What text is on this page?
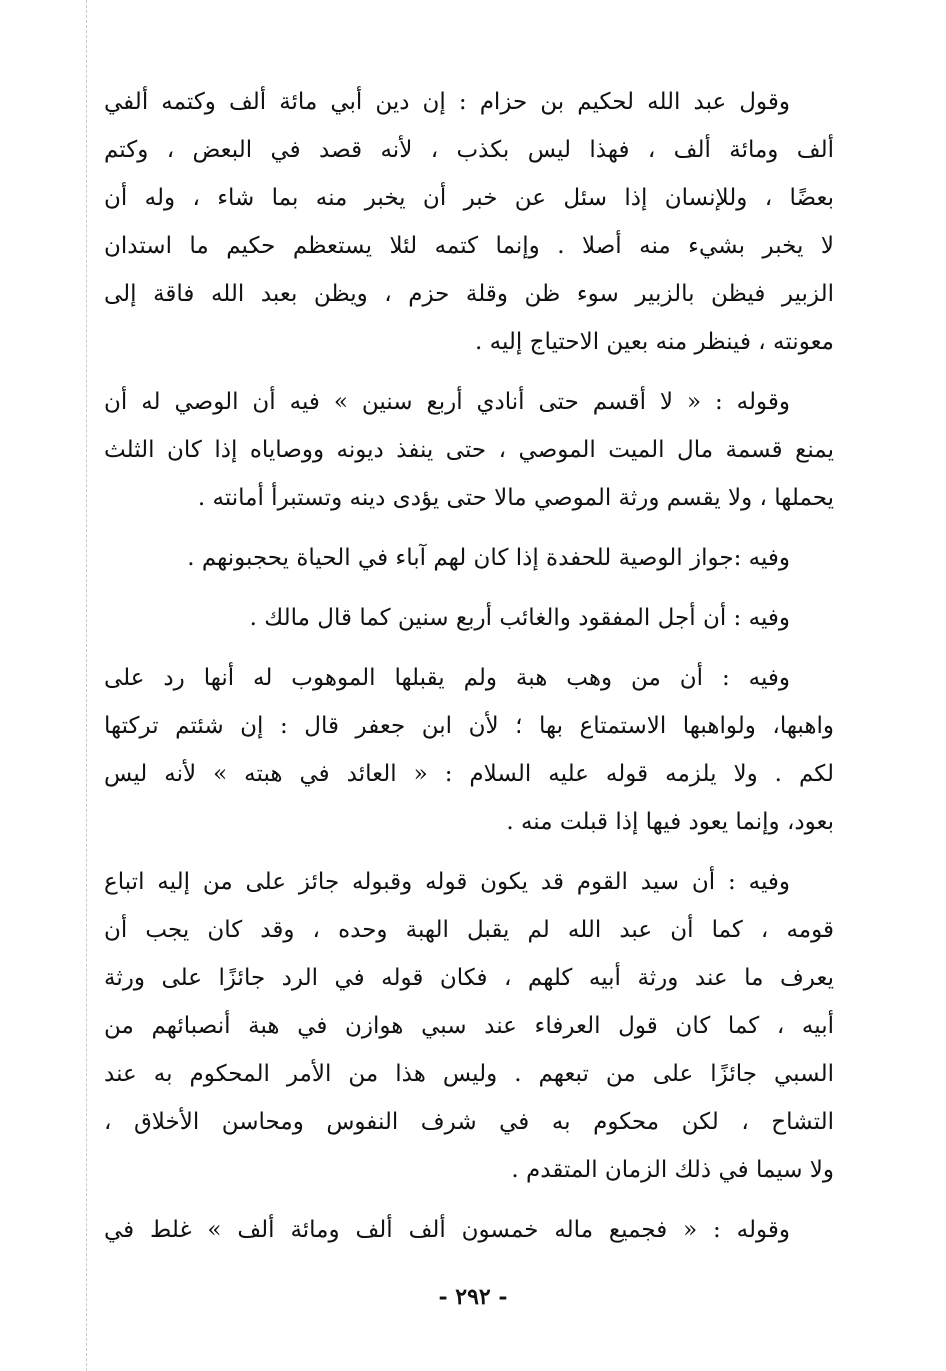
وقول عبد الله لحكيم بن حزام : إن دين أبي مائة ألف وكتمه ألفي
ألف ومائة ألف ، فهذا ليس بكذب ، لأنه قصد في البعض ، وكتم
بعضًا ، وللإنسان إذا سئل عن خبر أن يخبر منه بما شاء ، وله أن
لا يخبر بشيء منه أصلا . وإنما كتمه لئلا يستعظم حكيم ما استدان
الزبير فيظن بالزبير سوء ظن وقلة حزم ، ويظن بعبد الله فاقة إلى
معونته ، فينظر منه بعين الاحتياج إليه .
وقوله : « لا أقسم حتى أنادي أربع سنين » فيه أن الوصي له أن
يمنع قسمة مال الميت الموصي ، حتى ينفذ ديونه ووصاياه إذا كان الثلث
يحملها ، ولا يقسم ورثة الموصي مالا حتى يؤدى دينه وتستبرأ أمانته .
وفيه :جواز الوصية للحفدة إذا كان لهم آباء في الحياة يحجبونهم .
وفيه : أن أجل المفقود والغائب أربع سنين كما قال مالك .
وفيه : أن من وهب هبة ولم يقبلها الموهوب له أنها رد على
واهبها، ولواهبها الاستمتاع بها ؛ لأن ابن جعفر قال : إن شئتم تركتها
لكم . ولا يلزمه قوله عليه السلام : « العائد في هبته » لأنه ليس
بعود، وإنما يعود فيها إذا قبلت منه .
وفيه : أن سيد القوم قد يكون قوله وقبوله جائز على من إليه اتباع
قومه ، كما أن عبد الله لم يقبل الهبة وحده ، وقد كان يجب أن
يعرف ما عند ورثة أبيه كلهم ، فكان قوله في الرد جائزًا على ورثة
أبيه ، كما كان قول العرفاء عند سبي هوازن في هبة أنصبائهم من
السبي جائزًا على من تبعهم . وليس هذا من الأمر المحكوم به عند
التشاح ، لكن محكوم به في شرف النفوس ومحاسن الأخلاق ،
ولا سيما في ذلك الزمان المتقدم .
وقوله : « فجميع ماله خمسون ألف ألف ومائة ألف » غلط في
- ٢٩٢ -
